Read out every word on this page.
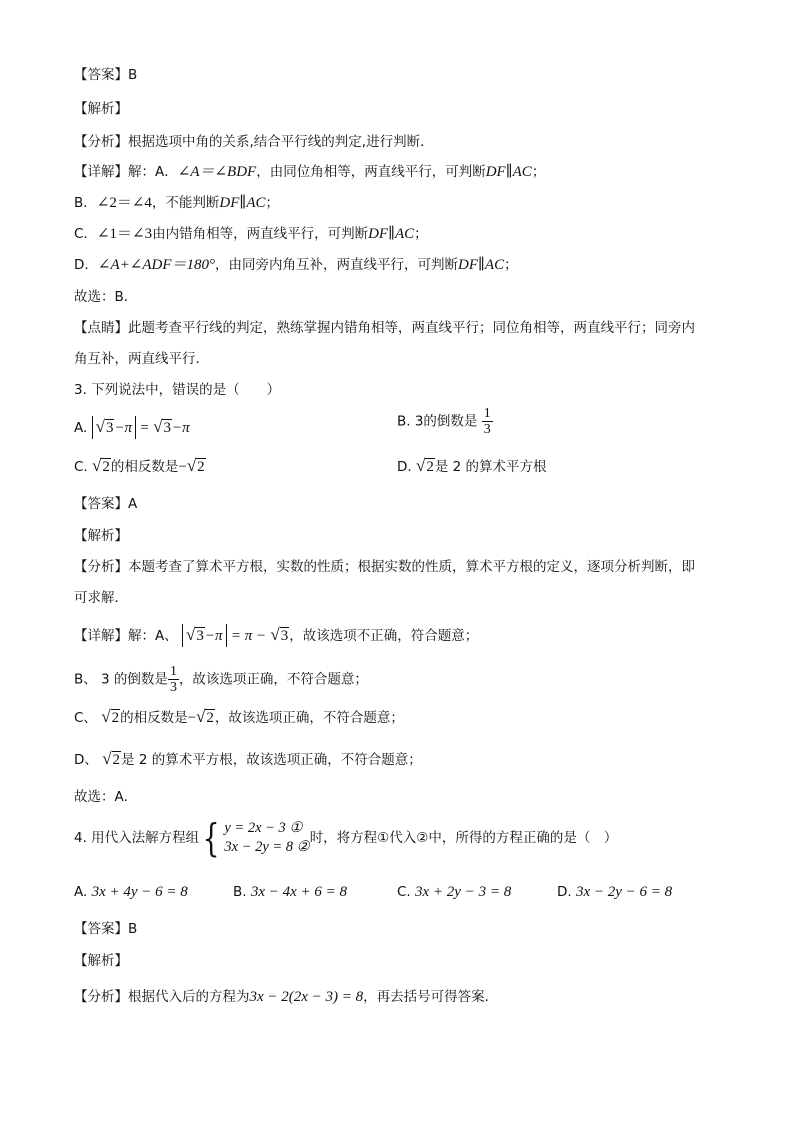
【答案】B
【解析】
【分析】根据选项中角的关系,结合平行线的判定,进行判断．
【详解】解：A．∠A＝∠BDF，由同位角相等，两直线平行，可判断DF∥AC；
B．∠2＝∠4，不能判断DF∥AC；
C．∠1＝∠3由内错角相等，两直线平行，可判断DF∥AC；
D．∠A+∠ADF＝180°，由同旁内角互补，两直线平行，可判断DF∥AC；
故选：B．
【点睛】此题考查平行线的判定，熟练掌握内错角相等，两直线平行；同位角相等，两直线平行；同旁内
角互补，两直线平行．
3. 下列说法中，错误的是（　　）
A. √3−π = √3−π	B. 3的倒数是 $\frac{1}{3}$
C. √2的相反数是−√2	D. √2是 2 的算术平方根
【答案】A
【解析】
【分析】本题考查了算术平方根，实数的性质；根据实数的性质，算术平方根的定义，逐项分析判断，即
可求解．
【详解】解：A、 √3−π = π − √3，故该选项不正确，符合题意；
B、 3 的倒数是 $\frac{1}{3}$ ，故该选项正确，不符合题意；
C、 √2的相反数是−√2，故该选项正确，不符合题意；
D、 √2是 2 的算术平方根，故该选项正确，不符合题意；
故选：A．
4. 用代入法解方程组 { y = 2x − 3 ①
3x − 2y = 8 ②
时，将方程①代入②中，所得的方程正确的是（　）
A. 3x + 4y − 6 = 8	B. 3x − 4x + 6 = 8	C. 3x + 2y − 3 = 8	D. 3x − 2y − 6 = 8
【答案】B
【解析】
【分析】根据代入后的方程为3x − 2(2x − 3) = 8，再去括号可得答案．
